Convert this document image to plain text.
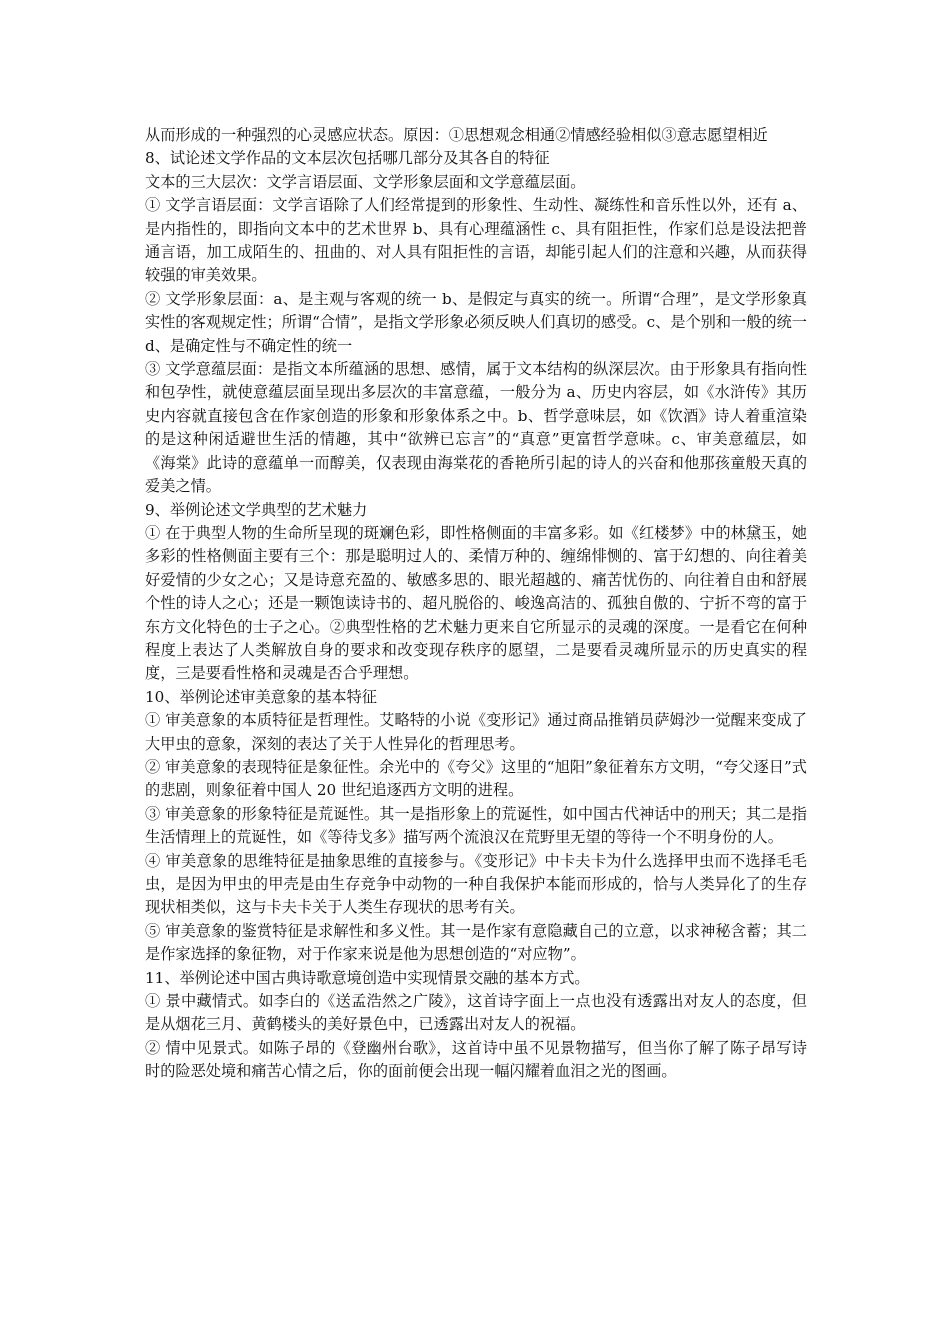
从而形成的一种强烈的心灵感应状态。原因：①思想观念相通②情感经验相似③意志愿望相近

8、试论述文学作品的文本层次包括哪几部分及其各自的特征

文本的三大层次：文学言语层面、文学形象层面和文学意蕴层面。

① 文学言语层面：文学言语除了人们经常提到的形象性、生动性、凝练性和音乐性以外，还有 a、是内指性的，即指向文本中的艺术世界 b、具有心理蕴涵性 c、具有阻拒性，作家们总是设法把普通言语，加工成陌生的、扭曲的、对人具有阻拒性的言语，却能引起人们的注意和兴趣，从而获得较强的审美效果。

② 文学形象层面：a、是主观与客观的统一 b、是假定与真实的统一。所谓“合理”，是文学形象真实性的客观规定性；所谓“合情”，是指文学形象必须反映人们真切的感受。c、是个别和一般的统一 d、是确定性与不确定性的统一

③ 文学意蕴层面：是指文本所蕴涵的思想、感情，属于文本结构的纵深层次。由于形象具有指向性和包孕性，就使意蕴层面呈现出多层次的丰富意蕴，一般分为 a、历史内容层，如《水浒传》其历史内容就直接包含在作家创造的形象和形象体系之中。b、哲学意味层，如《饮酒》诗人着重渲染的是这种闲适避世生活的情趣，其中“欲辨已忘言”的“真意”更富哲学意味。c、审美意蕴层，如《海棠》此诗的意蕴单一而醇美，仅表现由海棠花的香艳所引起的诗人的兴奋和他那孩童般天真的爱美之情。

9、举例论述文学典型的艺术魅力

① 在于典型人物的生命所呈现的斑斓色彩，即性格侧面的丰富多彩。如《红楼梦》中的林黛玉，她多彩的性格侧面主要有三个：那是聪明过人的、柔情万种的、缠绵悱恻的、富于幻想的、向往着美好爱情的少女之心；又是诗意充盈的、敏感多思的、眼光超越的、痛苦忧伤的、向往着自由和舒展个性的诗人之心；还是一颗饱读诗书的、超凡脱俗的、峻逸高洁的、孤独自傲的、宁折不弯的富于东方文化特色的士子之心。②典型性格的艺术魅力更来自它所显示的灵魂的深度。一是看它在何种程度上表达了人类解放自身的要求和改变现存秩序的愿望，二是要看灵魂所显示的历史真实的程度，三是要看性格和灵魂是否合乎理想。

10、举例论述审美意象的基本特征

① 审美意象的本质特征是哲理性。艾略特的小说《变形记》通过商品推销员萨姆沙一觉醒来变成了大甲虫的意象，深刻的表达了关于人性异化的哲理思考。

② 审美意象的表现特征是象征性。余光中的《夸父》这里的“旭阳”象征着东方文明，“夸父逐日”式的悲剧，则象征着中国人 20 世纪追逐西方文明的进程。

③ 审美意象的形象特征是荒诞性。其一是指形象上的荒诞性，如中国古代神话中的刑天；其二是指生活情理上的荒诞性，如《等待戈多》描写两个流浪汉在荒野里无望的等待一个不明身份的人。

④ 审美意象的思维特征是抽象思维的直接参与。《变形记》中卡夫卡为什么选择甲虫而不选择毛毛虫，是因为甲虫的甲壳是由生存竞争中动物的一种自我保护本能而形成的，恰与人类异化了的生存现状相类似，这与卡夫卡关于人类生存现状的思考有关。

⑤ 审美意象的鉴赏特征是求解性和多义性。其一是作家有意隐藏自己的立意，以求神秘含蓄；其二是作家选择的象征物，对于作家来说是他为思想创造的“对应物”。

11、举例论述中国古典诗歌意境创造中实现情景交融的基本方式。

① 景中藏情式。如李白的《送孟浩然之广陵》，这首诗字面上一点也没有透露出对友人的态度，但是从烟花三月、黄鹤楼头的美好景色中，已透露出对友人的祝福。

② 情中见景式。如陈子昂的《登幽州台歌》，这首诗中虽不见景物描写，但当你了解了陈子昂写诗时的险恶处境和痛苦心情之后，你的面前便会出现一幅闪耀着血泪之光的图画。
